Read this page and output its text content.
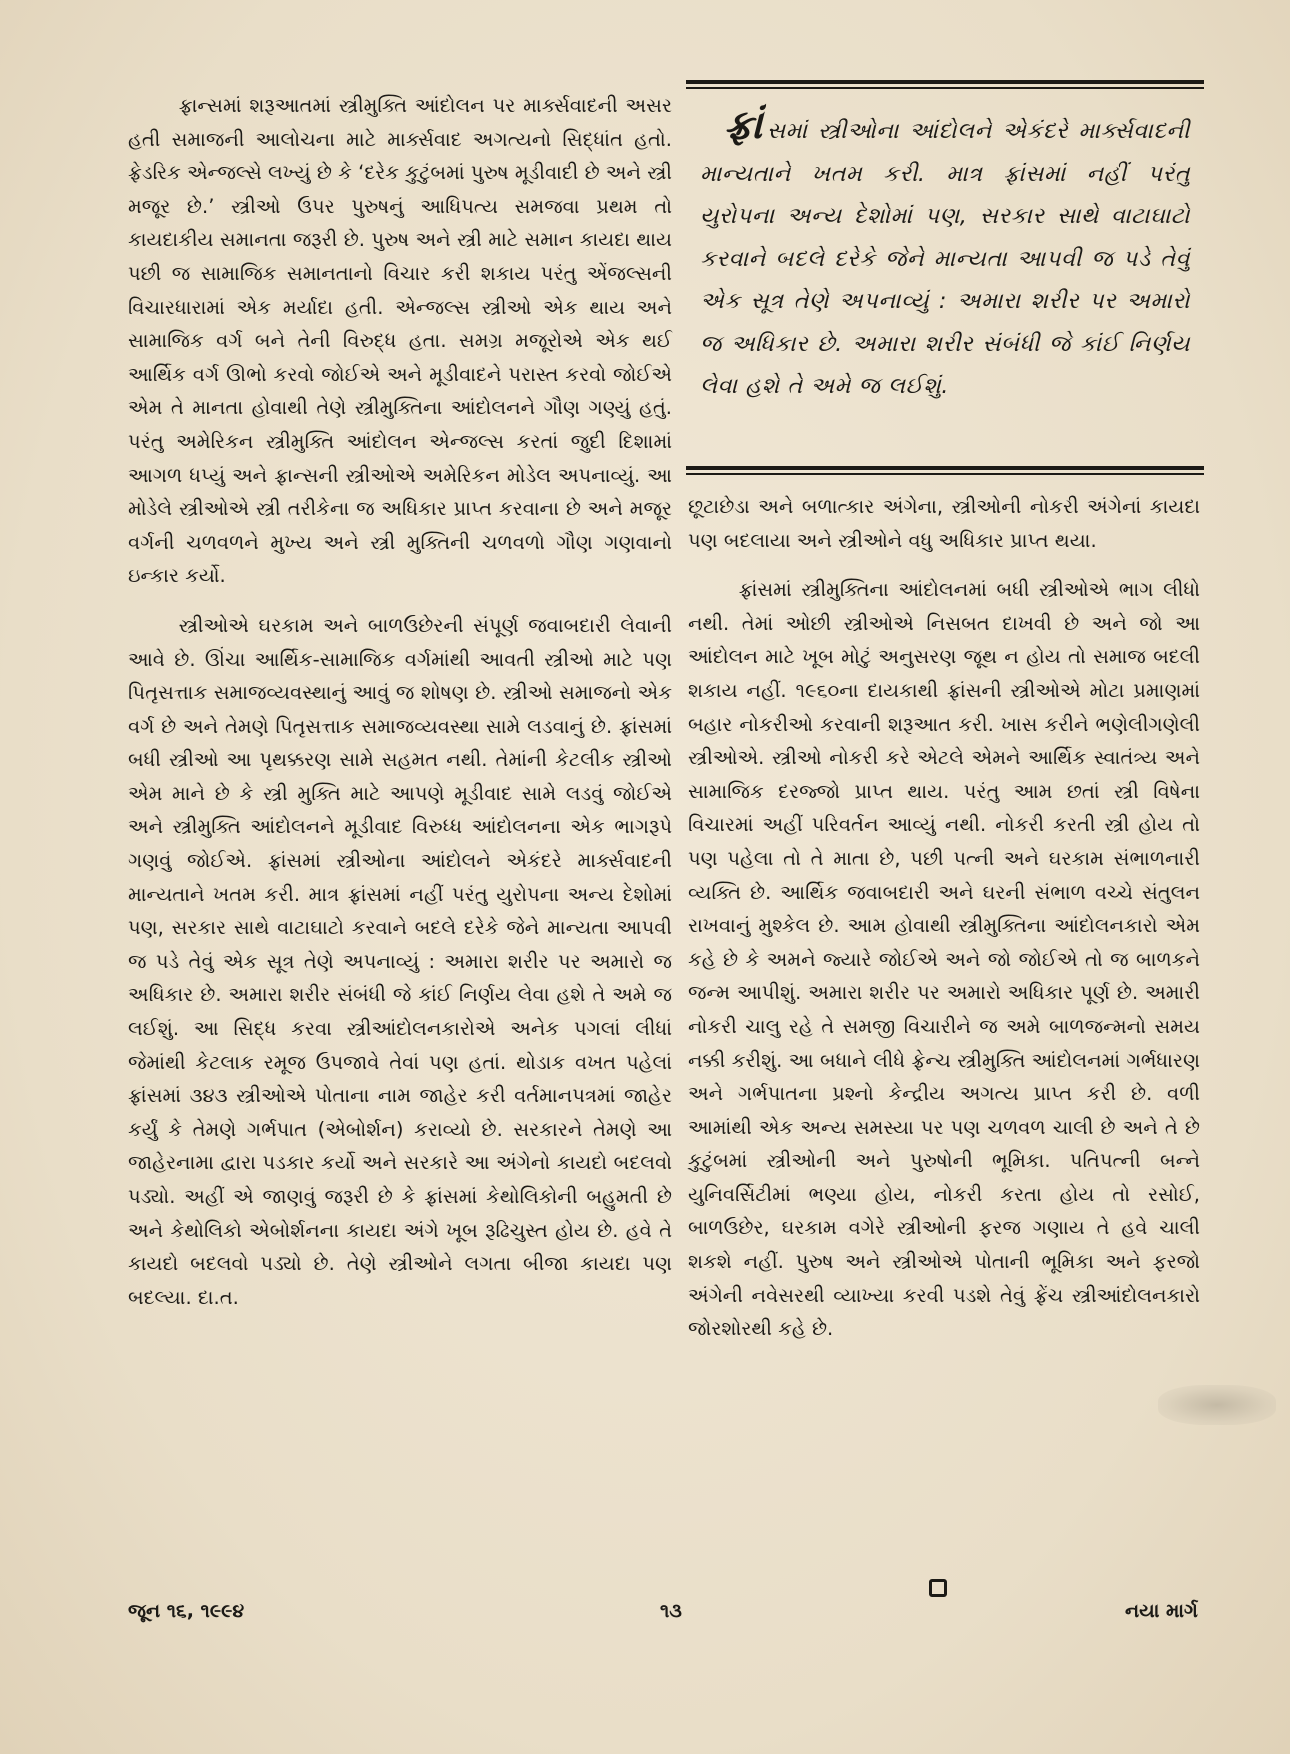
ફ્રાન્સમાં શરૂઆતમાં સ્ત્રીમુક્તિ આંદોલન પર માર્ક્સવાદની અસર હતી સમાજની આલોચના માટે માર્ક્સવાદ અગત્યનો સિદ્ધાંત હતો. ફ્રેડરિક એન્જલ્સે લખ્યું છે કે ‘દરેક કુટુંબમાં પુરુષ મૂડીવાદી છે અને સ્ત્રી મજૂર છે.’ સ્ત્રીઓ ઉપર પુરુષનું આધિપત્ય સમજવા પ્રથમ તો કાયદાકીય સમાનતા જરૂરી છે. પુરુષ અને સ્ત્રી માટે સમાન કાયદા થાય પછી જ સામાજિક સમાનતાનો વિચાર કરી શકાય પરંતુ એંજલ્સની વિચારધારામાં એક મર્યાદા હતી. એન્જલ્સ સ્ત્રીઓ એક થાય અને સામાજિક વર્ગ બને તેની વિરુદ્ધ હતા. સમગ્ર મજૂરોએ એક થઈ આર્થિક વર્ગ ઊભો કરવો જોઈએ અને મૂડીવાદને પરાસ્ત કરવો જોઈએ એમ તે માનતા હોવાથી તેણે સ્ત્રીમુક્તિના આંદોલનને ગૌણ ગણ્યું હતું. પરંતુ અમેરિકન સ્ત્રીમુક્તિ આંદોલન એન્જલ્સ કરતાં જુદી દિશામાં આગળ ધપ્યું અને ફ્રાન્સની સ્ત્રીઓએ અમેરિકન મોડેલ અપનાવ્યું. આ મોડેલે સ્ત્રીઓએ સ્ત્રી તરીકેના જ અધિકાર પ્રાપ્ત કરવાના છે અને મજૂર વર્ગની ચળવળને મુખ્ય અને સ્ત્રી મુક્તિની ચળવળો ગૌણ ગણવાનો ઇન્કાર કર્યો.

સ્ત્રીઓએ ઘરકામ અને બાળઉછેરની સંપૂર્ણ જવાબદારી લેવાની આવે છે. ઊંચા આર્થિક-સામાજિક વર્ગમાંથી આવતી સ્ત્રીઓ માટે પણ પિતૃસત્તાક સમાજવ્યવસ્થાનું આવું જ શોષણ છે. સ્ત્રીઓ સમાજનો એક વર્ગ છે અને તેમણે પિતૃસત્તાક સમાજવ્યવસ્થા સામે લડવાનું છે. ફ્રાંસમાં બધી સ્ત્રીઓ આ પૃથક્કરણ સામે સહમત નથી. તેમાંની કેટલીક સ્ત્રીઓ એમ માને છે કે સ્ત્રી મુક્તિ માટે આપણે મૂડીવાદ સામે લડવું જોઈએ અને સ્ત્રીમુક્તિ આંદોલનને મૂડીવાદ વિરુધ્ધ આંદોલનના એક ભાગરૂપે ગણવું જોઈએ. ફ્રાંસમાં સ્ત્રીઓના આંદોલને એકંદરે માર્ક્સવાદની માન્યતાને ખતમ કરી. માત્ર ફ્રાંસમાં નહીં પરંતુ યુરોપના અન્ય દેશોમાં પણ, સરકાર સાથે વાટાઘાટો કરવાને બદલે દરેકે જેને માન્યતા આપવી જ પડે તેવું એક સૂત્ર તેણે અપનાવ્યું : અમારા શરીર પર અમારો જ અધિકાર છે. અમારા શરીર સંબંધી જે કાંઈ નિર્ણય લેવા હશે તે અમે જ લઈશું. આ સિદ્ધ કરવા સ્ત્રીઆંદોલનકારોએ અનેક પગલાં લીધાં જેમાંથી કેટલાક રમૂજ ઉપજાવે તેવાં પણ હતાં. થોડાક વખત પહેલાં ફ્રાંસમાં ૩૪૩ સ્ત્રીઓએ પોતાના નામ જાહેર કરી વર્તમાનપત્રમાં જાહેર કર્યું કે તેમણે ગર્ભપાત (એબોર્શન) કરાવ્યો છે. સરકારને તેમણે આ જાહેરનામા દ્વારા પડકાર કર્યો અને સરકારે આ અંગેનો કાયદો બદલવો પડ્યો. અહીં એ જાણવું જરૂરી છે કે ફ્રાંસમાં કેથોલિકોની બહુમતી છે અને કેથોલિકો એબોર્શનના કાયદા અંગે ખૂબ રૂઢિચુસ્ત હોય છે. હવે તે કાયદો બદલવો પડ્યો છે. તેણે સ્ત્રીઓને લગતા બીજા કાયદા પણ બદલ્યા. દા.ત.

ફ્રાં સમાં સ્ત્રીઓના આંદોલને એકંદરે માર્ક્સવાદની માન્યતાને ખતમ કરી. માત્ર ફ્રાંસમાં નહીં પરંતુ યુરોપના અન્ય દેશોમાં પણ, સરકાર સાથે વાટાઘાટો કરવાને બદલે દરેકે જેને માન્યતા આપવી જ પડે તેવું એક સૂત્ર તેણે અપનાવ્યું : અમારા શરીર પર અમારો જ અધિકાર છે. અમારા શરીર સંબંધી જે કાંઈ નિર્ણય લેવા હશે તે અમે જ લઈશું.

છૂટાછેડા અને બળાત્કાર અંગેના, સ્ત્રીઓની નોકરી અંગેનાં કાયદા પણ બદલાયા અને સ્ત્રીઓને વધુ અધિકાર પ્રાપ્ત થયા.

ફ્રાંસમાં સ્ત્રીમુક્તિના આંદોલનમાં બધી સ્ત્રીઓએ ભાગ લીધો નથી. તેમાં ઓછી સ્ત્રીઓએ નિસબત દાખવી છે અને જો આ આંદોલન માટે ખૂબ મોટું અનુસરણ જૂથ ન હોય તો સમાજ બદલી શકાય નહીં. ૧૯૬૦ના દાયકાથી ફ્રાંસની સ્ત્રીઓએ મોટા પ્રમાણમાં બહાર નોકરીઓ કરવાની શરૂઆત કરી. ખાસ કરીને ભણેલીગણેલી સ્ત્રીઓએ. સ્ત્રીઓ નોકરી કરે એટલે એમને આર્થિક સ્વાતંત્ર્ય અને સામાજિક દરજ્જો પ્રાપ્ત થાય. પરંતુ આમ છતાં સ્ત્રી વિષેના વિચારમાં અહીં પરિવર્તન આવ્યું નથી. નોકરી કરતી સ્ત્રી હોય તો પણ પહેલા તો તે માતા છે, પછી પત્ની અને ઘરકામ સંભાળનારી વ્યક્તિ છે. આર્થિક જવાબદારી અને ઘરની સંભાળ વચ્ચે સંતુલન રાખવાનું મુશ્કેલ છે. આમ હોવાથી સ્ત્રીમુક્તિના આંદોલનકારો એમ કહે છે કે અમને જ્યારે જોઈએ અને જો જોઈએ તો જ બાળકને જન્મ આપીશું. અમારા શરીર પર અમારો અધિકાર પૂર્ણ છે. અમારી નોકરી ચાલુ રહે તે સમજી વિચારીને જ અમે બાળજન્મનો સમય નક્કી કરીશું. આ બધાને લીધે ફ્રેન્ચ સ્ત્રીમુક્તિ આંદોલનમાં ગર્ભધારણ અને ગર્ભપાતના પ્રશ્નો કેન્દ્રીય અગત્ય પ્રાપ્ત કરી છે. વળી આમાંથી એક અન્ય સમસ્યા પર પણ ચળવળ ચાલી છે અને તે છે કુટુંબમાં સ્ત્રીઓની અને પુરુષોની ભૂમિકા. પતિપત્ની બન્ને યુનિવર્સિટીમાં ભણ્યા હોય, નોકરી કરતા હોય તો રસોઈ, બાળઉછેર, ઘરકામ વગેરે સ્ત્રીઓની ફરજ ગણાય તે હવે ચાલી શકશે નહીં. પુરુષ અને સ્ત્રીઓએ પોતાની ભૂમિકા અને ફરજો અંગેની નવેસરથી વ્યાખ્યા કરવી પડશે તેવું ફ્રેંચ સ્ત્રીઆંદોલનકારો જોરશોરથી કહે છે.

જૂન ૧૬, ૧૯૯૪	૧૩	નયા માર્ગ
